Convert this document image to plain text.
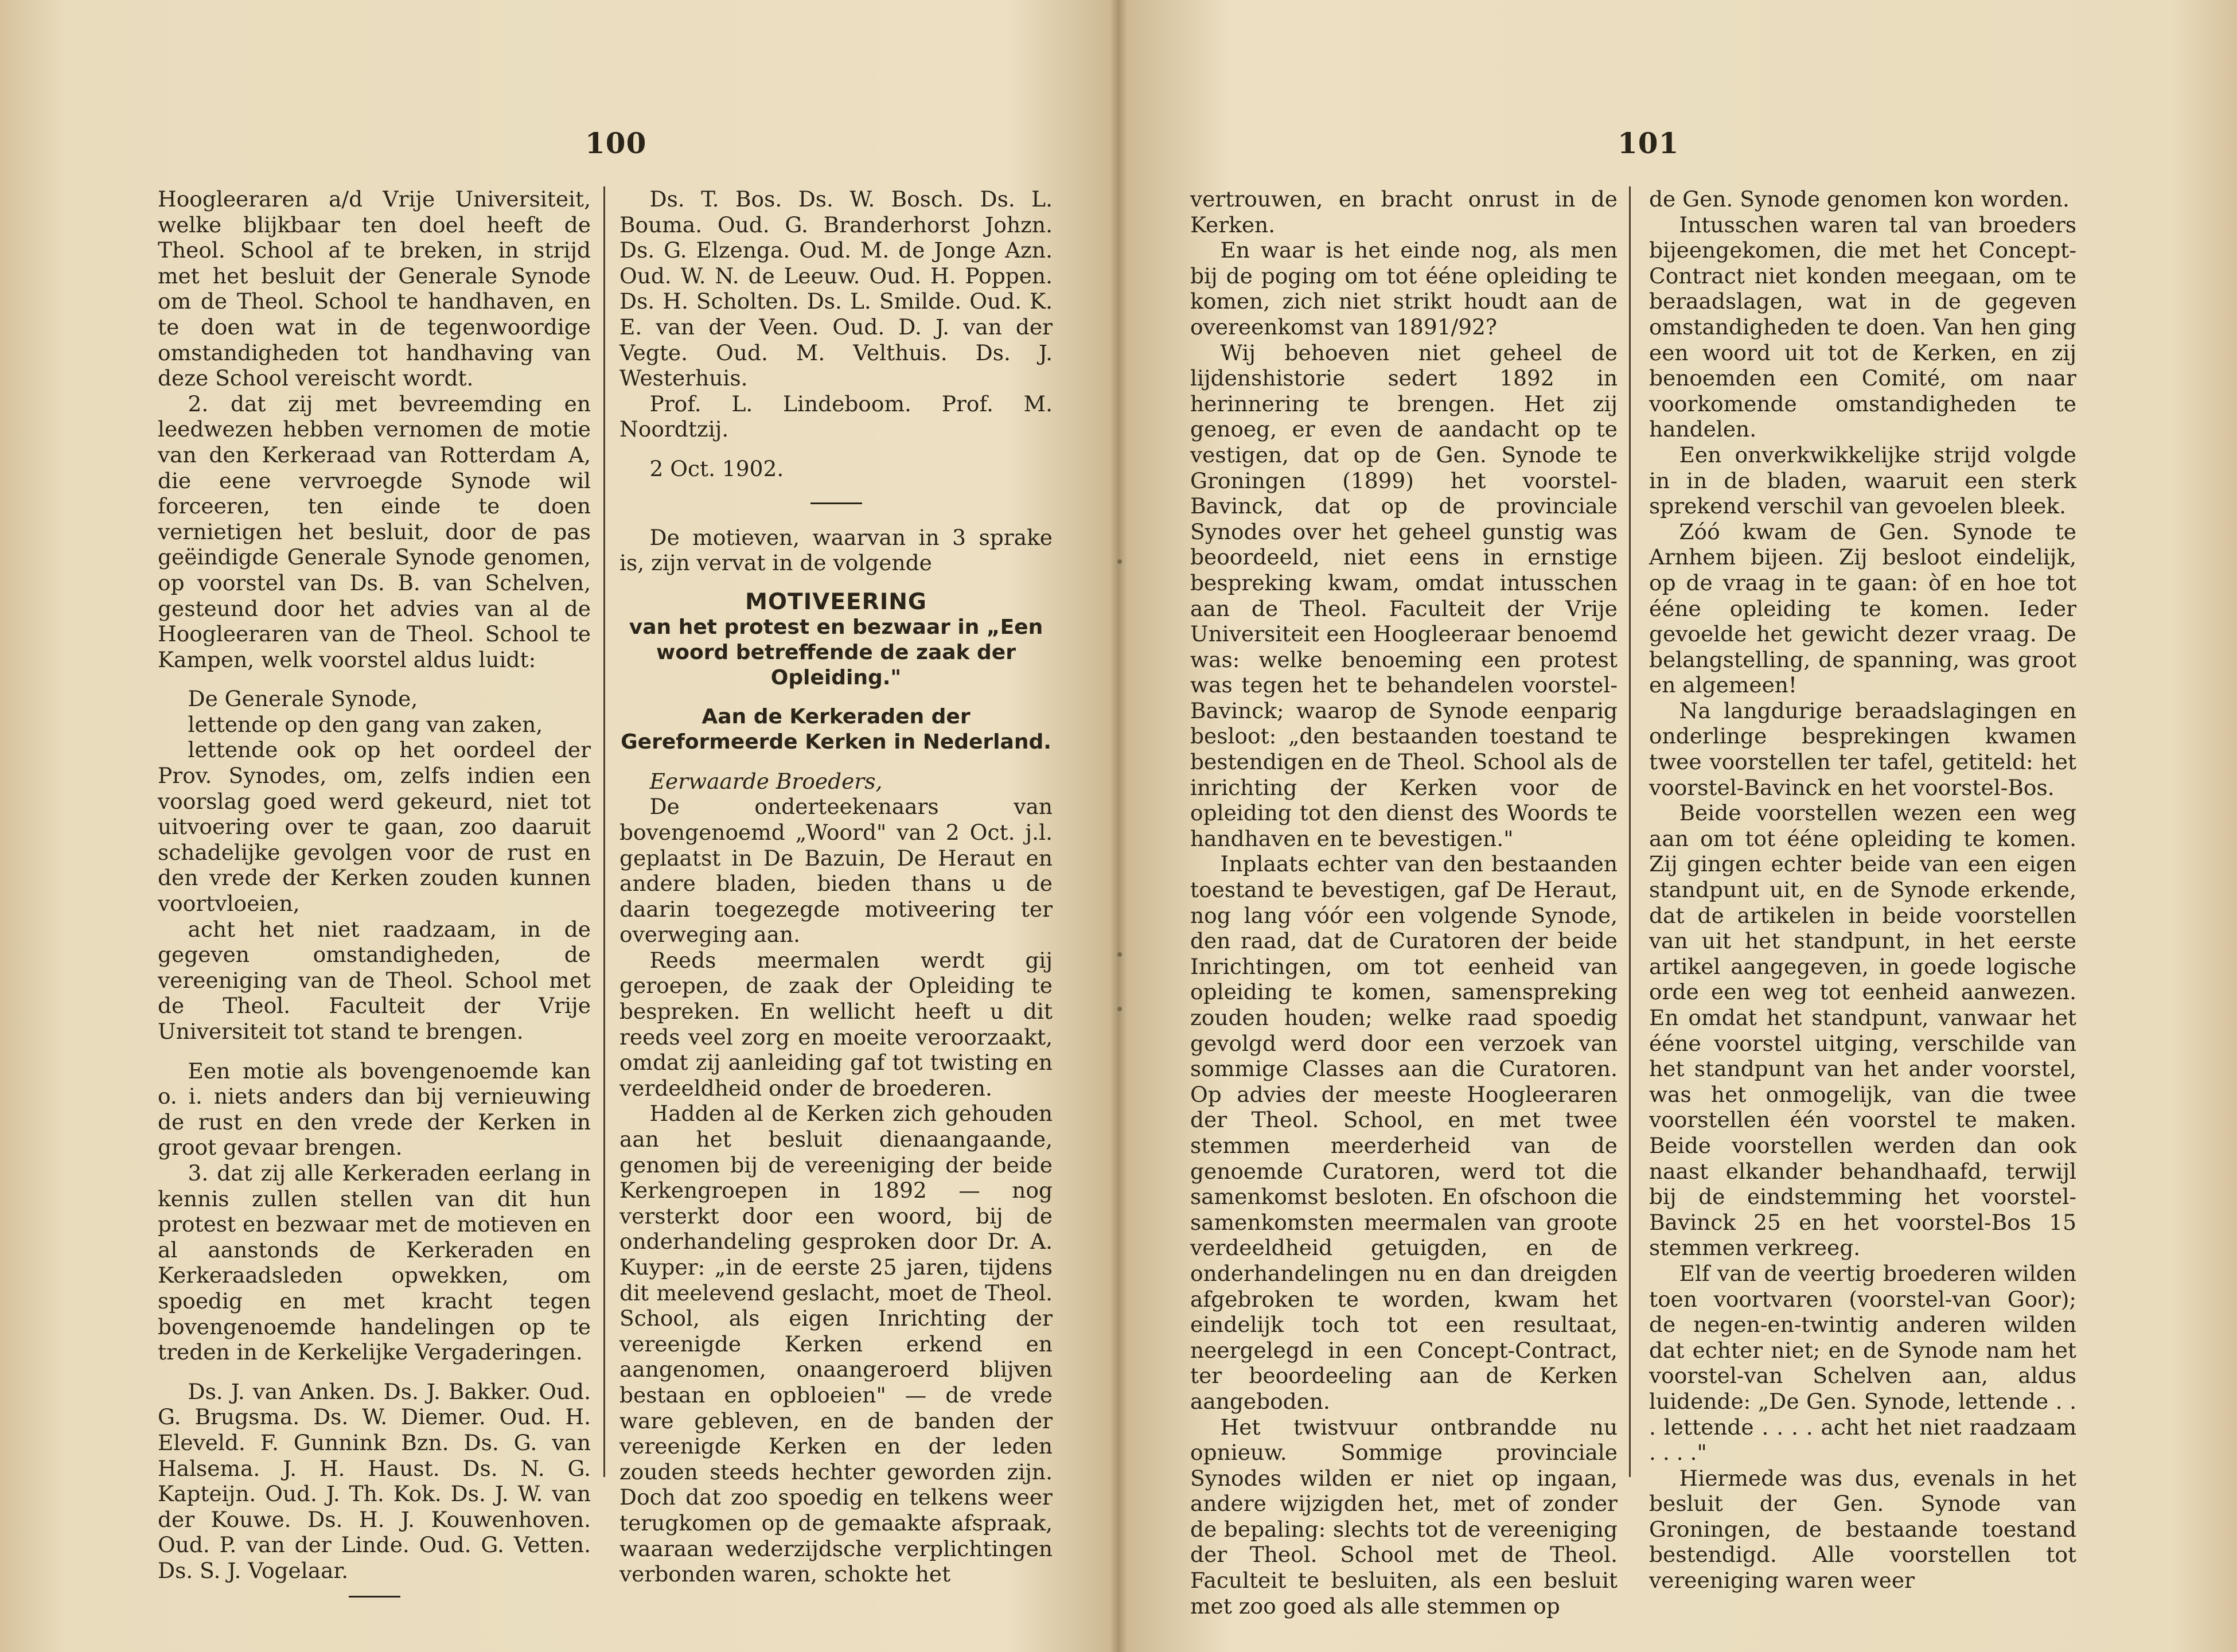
100

Hoogleeraren a/d Vrije Universiteit, welke blijkbaar ten doel heeft de Theol. School af te breken, in strijd met het besluit der Generale Synode om de Theol. School te handhaven, en te doen wat in de tegenwoordige omstandigheden tot handhaving van deze School vereischt wordt.

2. dat zij met bevreemding en leedwezen hebben vernomen de motie van den Kerkeraad van Rotterdam A, die eene vervroegde Synode wil forceeren, ten einde te doen vernietigen het besluit, door de pas geëindigde Generale Synode genomen, op voorstel van Ds. B. van Schelven, gesteund door het advies van al de Hoogleeraren van de Theol. School te Kampen, welk voorstel aldus luidt:

De Generale Synode,

lettende op den gang van zaken,

lettende ook op het oordeel der Prov. Synodes, om, zelfs indien een voorslag goed werd gekeurd, niet tot uitvoering over te gaan, zoo daaruit schadelijke gevolgen voor de rust en den vrede der Kerken zouden kunnen voortvloeien,

acht het niet raadzaam, in de gegeven omstandigheden, de vereeniging van de Theol. School met de Theol. Faculteit der Vrije Universiteit tot stand te brengen.

Een motie als bovengenoemde kan o. i. niets anders dan bij vernieuwing de rust en den vrede der Kerken in groot gevaar brengen.

3. dat zij alle Kerkeraden eerlang in kennis zullen stellen van dit hun protest en bezwaar met de motieven en al aanstonds de Kerkeraden en Kerkeraadsleden opwekken, om spoedig en met kracht tegen bovengenoemde handelingen op te treden in de Kerkelijke Vergaderingen.

Ds. J. van Anken. Ds. J. Bakker. Oud. G. Brugsma. Ds. W. Diemer. Oud. H. Eleveld. F. Gunnink Bzn. Ds. G. van Halsema. J. H. Haust. Ds. N. G. Kapteijn. Oud. J. Th. Kok. Ds. J. W. van der Kouwe. Ds. H. J. Kouwenhoven. Oud. P. van der Linde. Oud. G. Vetten. Ds. S. J. Vogelaar.

Ds. T. Bos. Ds. W. Bosch. Ds. L. Bouma. Oud. G. Branderhorst Johzn. Ds. G. Elzenga. Oud. M. de Jonge Azn. Oud. W. N. de Leeuw. Oud. H. Poppen. Ds. H. Scholten. Ds. L. Smilde. Oud. K. E. van der Veen. Oud. D. J. van der Vegte. Oud. M. Velthuis. Ds. J. Westerhuis.

Prof. L. Lindeboom. Prof. M. Noordtzij.

2 Oct. 1902.

De motieven, waarvan in 3 sprake is, zijn vervat in de volgende

MOTIVEERING

van het protest en bezwaar in „Een woord betreffende de zaak der Opleiding."

Aan de Kerkeraden der Gereformeerde Kerken in Nederland.

Eerwaarde Broeders,

De onderteekenaars van bovengenoemd „Woord" van 2 Oct. j.l. geplaatst in De Bazuin, De Heraut en andere bladen, bieden thans u de daarin toegezegde motiveering ter overweging aan.

Reeds meermalen werdt gij geroepen, de zaak der Opleiding te bespreken. En wellicht heeft u dit reeds veel zorg en moeite veroorzaakt, omdat zij aanleiding gaf tot twisting en verdeeldheid onder de broederen.

Hadden al de Kerken zich gehouden aan het besluit dienaangaande, genomen bij de vereeniging der beide Kerkengroepen in 1892 — nog versterkt door een woord, bij de onderhandeling gesproken door Dr. A. Kuyper: „in de eerste 25 jaren, tijdens dit meelevend geslacht, moet de Theol. School, als eigen Inrichting der vereenigde Kerken erkend en aangenomen, onaangeroerd blijven bestaan en opbloeien" — de vrede ware gebleven, en de banden der vereenigde Kerken en der leden zouden steeds hechter geworden zijn. Doch dat zoo spoedig en telkens weer terugkomen op de gemaakte afspraak, waaraan wederzijdsche verplichtingen verbonden waren, schokte het

101

vertrouwen, en bracht onrust in de Kerken.

En waar is het einde nog, als men bij de poging om tot ééne opleiding te komen, zich niet strikt houdt aan de overeenkomst van 1891/92?

Wij behoeven niet geheel de lijdenshistorie sedert 1892 in herinnering te brengen. Het zij genoeg, er even de aandacht op te vestigen, dat op de Gen. Synode te Groningen (1899) het voorstel-Bavinck, dat op de provinciale Synodes over het geheel gunstig was beoordeeld, niet eens in ernstige bespreking kwam, omdat intusschen aan de Theol. Faculteit der Vrije Universiteit een Hoogleeraar benoemd was: welke benoeming een protest was tegen het te behandelen voorstel-Bavinck; waarop de Synode eenparig besloot: „den bestaanden toestand te bestendigen en de Theol. School als de inrichting der Kerken voor de opleiding tot den dienst des Woords te handhaven en te bevestigen."

Inplaats echter van den bestaanden toestand te bevestigen, gaf De Heraut, nog lang vóór een volgende Synode, den raad, dat de Curatoren der beide Inrichtingen, om tot eenheid van opleiding te komen, samenspreking zouden houden; welke raad spoedig gevolgd werd door een verzoek van sommige Classes aan die Curatoren. Op advies der meeste Hoogleeraren der Theol. School, en met twee stemmen meerderheid van de genoemde Curatoren, werd tot die samenkomst besloten. En ofschoon die samenkomsten meermalen van groote verdeeldheid getuigden, en de onderhandelingen nu en dan dreigden afgebroken te worden, kwam het eindelijk toch tot een resultaat, neergelegd in een Concept-Contract, ter beoordeeling aan de Kerken aangeboden.

Het twistvuur ontbrandde nu opnieuw. Sommige provinciale Synodes wilden er niet op ingaan, andere wijzigden het, met of zonder de bepaling: slechts tot de vereeniging der Theol. School met de Theol. Faculteit te besluiten, als een besluit met zoo goed als alle stemmen op

de Gen. Synode genomen kon worden.

Intusschen waren tal van broeders bijeengekomen, die met het Concept-Contract niet konden meegaan, om te beraadslagen, wat in de gegeven omstandigheden te doen. Van hen ging een woord uit tot de Kerken, en zij benoemden een Comité, om naar voorkomende omstandigheden te handelen.

Een onverkwikkelijke strijd volgde in in de bladen, waaruit een sterk sprekend verschil van gevoelen bleek.

Zóó kwam de Gen. Synode te Arnhem bijeen. Zij besloot eindelijk, op de vraag in te gaan: òf en hoe tot ééne opleiding te komen. Ieder gevoelde het gewicht dezer vraag. De belangstelling, de spanning, was groot en algemeen!

Na langdurige beraadslagingen en onderlinge besprekingen kwamen twee voorstellen ter tafel, getiteld: het voorstel-Bavinck en het voorstel-Bos.

Beide voorstellen wezen een weg aan om tot ééne opleiding te komen. Zij gingen echter beide van een eigen standpunt uit, en de Synode erkende, dat de artikelen in beide voorstellen van uit het standpunt, in het eerste artikel aangegeven, in goede logische orde een weg tot eenheid aanwezen. En omdat het standpunt, vanwaar het ééne voorstel uitging, verschilde van het standpunt van het ander voorstel, was het onmogelijk, van die twee voorstellen één voorstel te maken. Beide voorstellen werden dan ook naast elkander behandhaafd, terwijl bij de eindstemming het voorstel-Bavinck 25 en het voorstel-Bos 15 stemmen verkreeg.

Elf van de veertig broederen wilden toen voortvaren (voorstel-van Goor); de negen-en-twintig anderen wilden dat echter niet; en de Synode nam het voorstel-van Schelven aan, aldus luidende: „De Gen. Synode, lettende . . . lettende . . . . acht het niet raadzaam . . . ."

Hiermede was dus, evenals in het besluit der Gen. Synode van Groningen, de bestaande toestand bestendigd. Alle voorstellen tot vereeniging waren weer
